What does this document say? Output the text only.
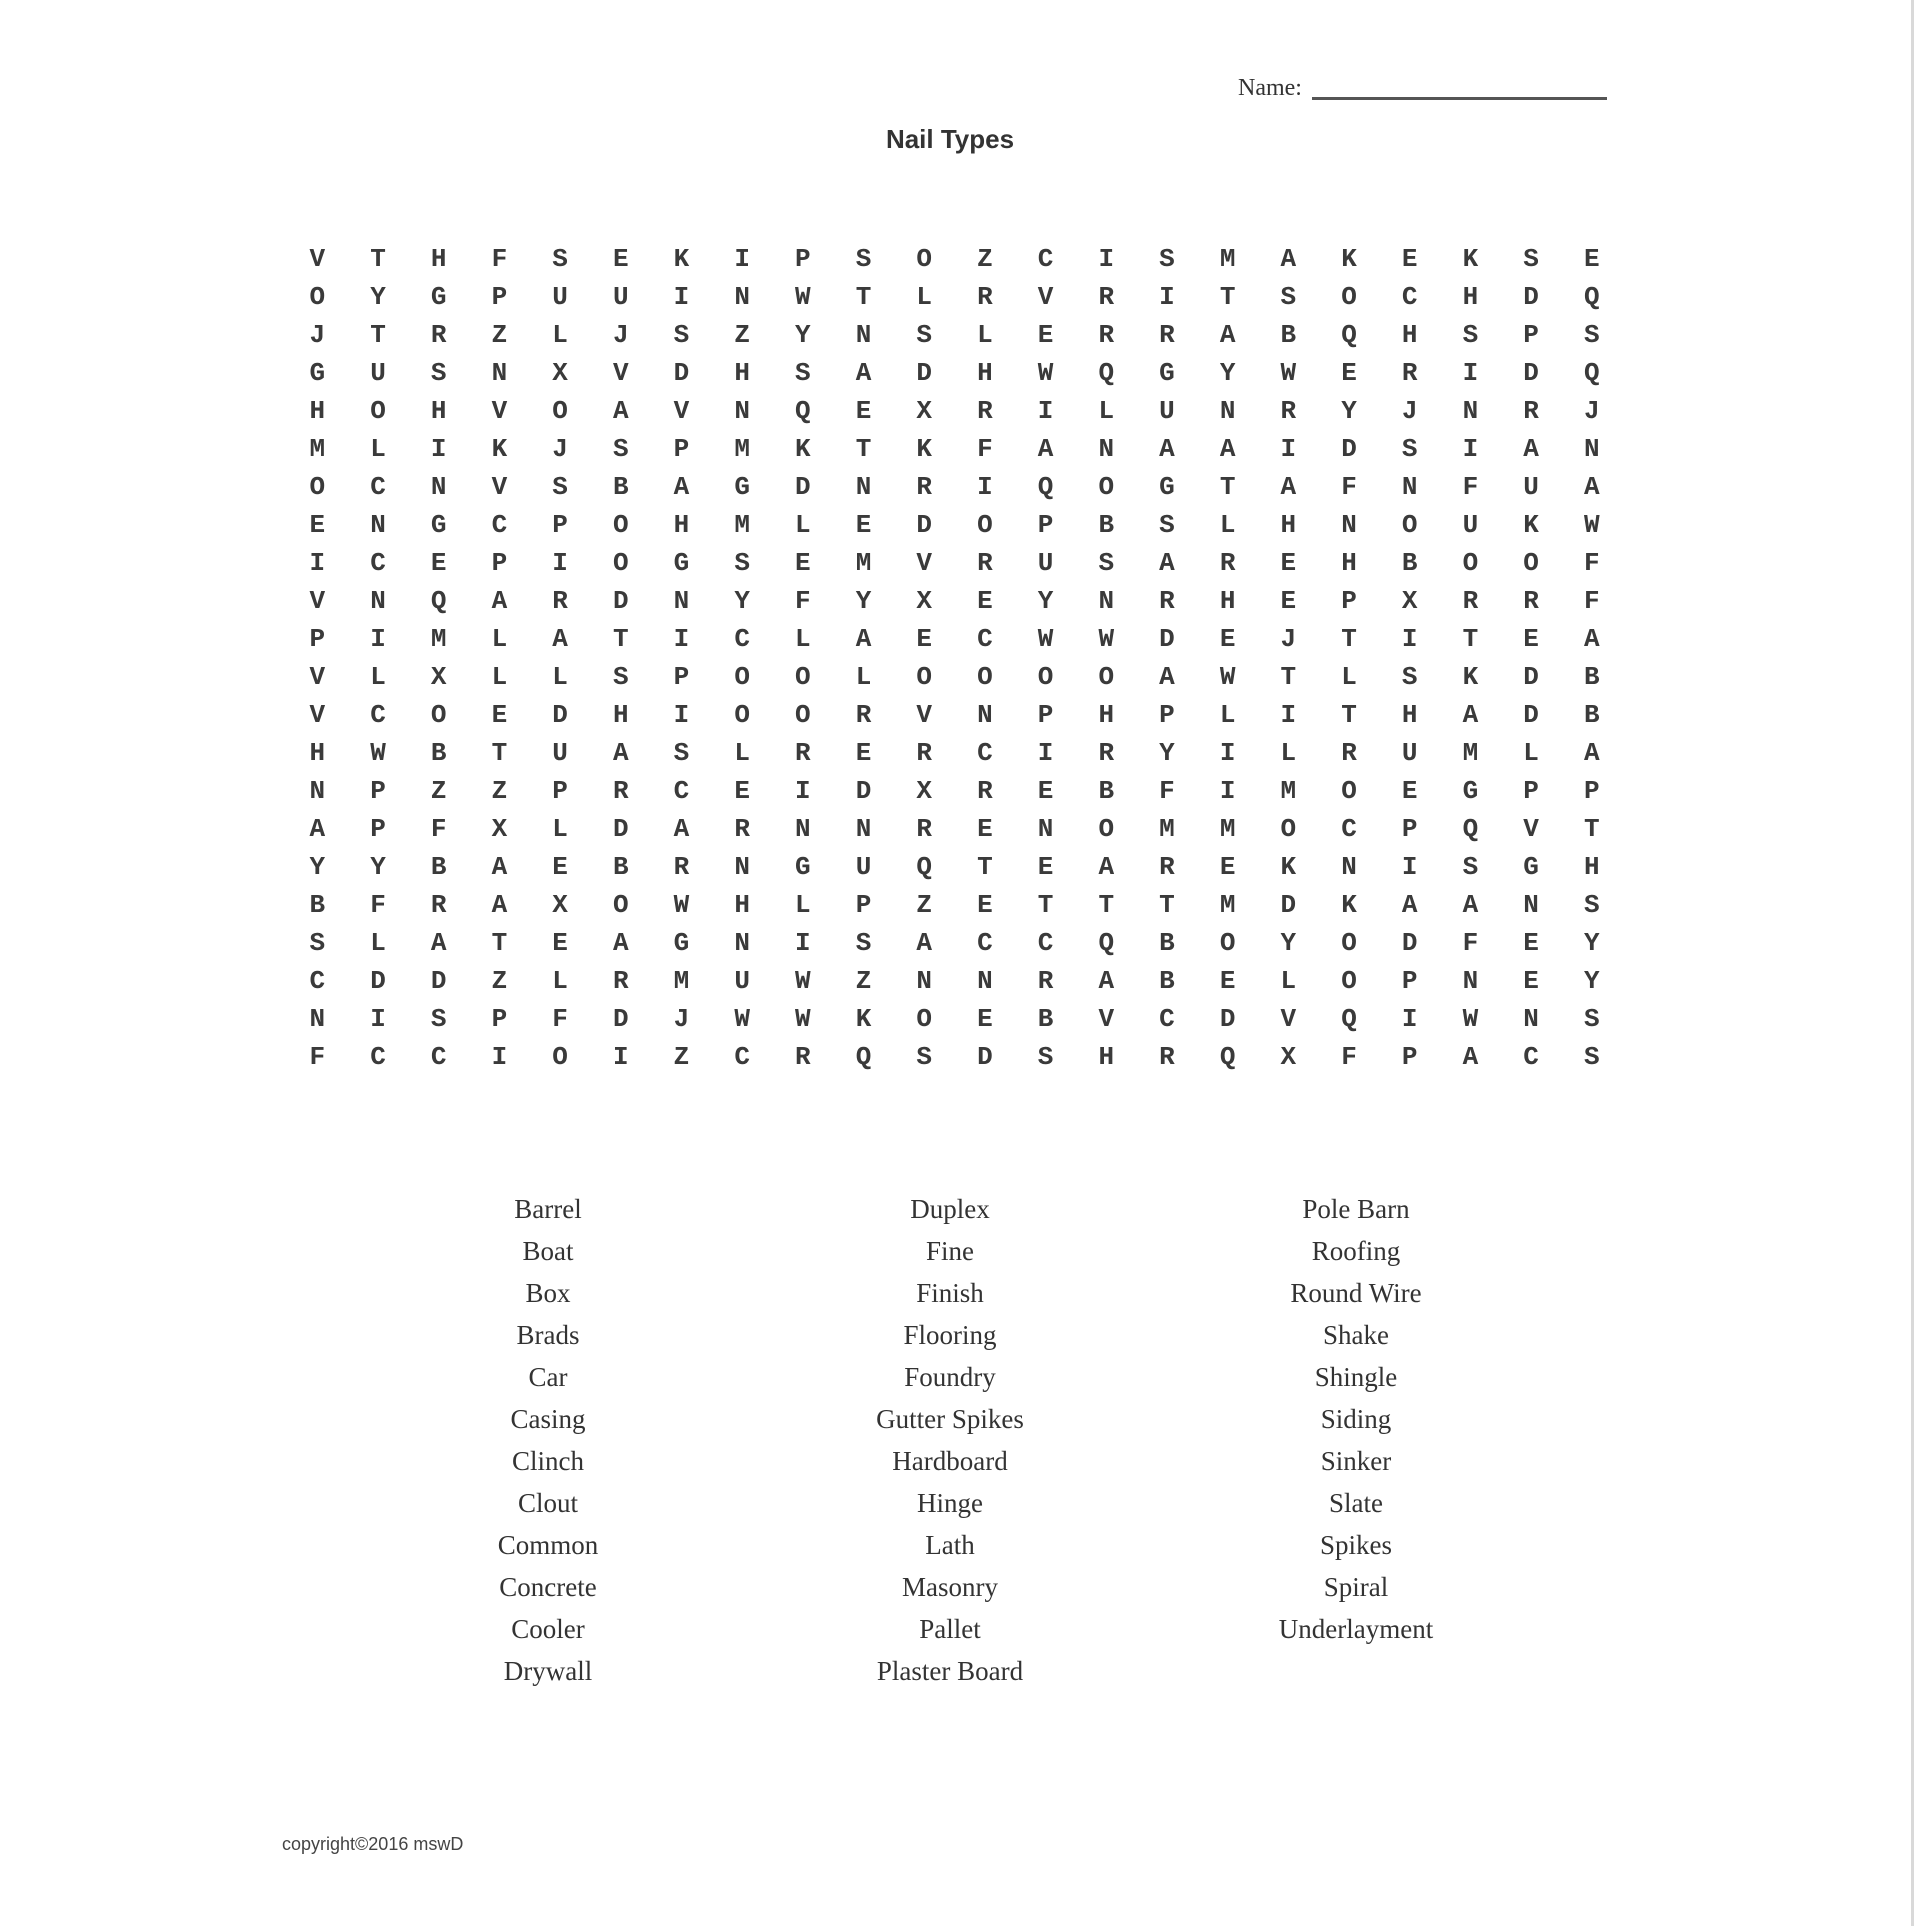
Name:
Nail Types
V	T	H	F	S	E	K	I	P	S	O	Z	C	I	S	M	A	K	E	K	S	E
O	Y	G	P	U	U	I	N	W	T	L	R	V	R	I	T	S	O	C	H	D	Q
J	T	R	Z	L	J	S	Z	Y	N	S	L	E	R	R	A	B	Q	H	S	P	S
G	U	S	N	X	V	D	H	S	A	D	H	W	Q	G	Y	W	E	R	I	D	Q
H	O	H	V	O	A	V	N	Q	E	X	R	I	L	U	N	R	Y	J	N	R	J
M	L	I	K	J	S	P	M	K	T	K	F	A	N	A	A	I	D	S	I	A	N
O	C	N	V	S	B	A	G	D	N	R	I	Q	O	G	T	A	F	N	F	U	A
E	N	G	C	P	O	H	M	L	E	D	O	P	B	S	L	H	N	O	U	K	W
I	C	E	P	I	O	G	S	E	M	V	R	U	S	A	R	E	H	B	O	O	F
V	N	Q	A	R	D	N	Y	F	Y	X	E	Y	N	R	H	E	P	X	R	R	F
P	I	M	L	A	T	I	C	L	A	E	C	W	W	D	E	J	T	I	T	E	A
V	L	X	L	L	S	P	O	O	L	O	O	O	O	A	W	T	L	S	K	D	B
V	C	O	E	D	H	I	O	O	R	V	N	P	H	P	L	I	T	H	A	D	B
H	W	B	T	U	A	S	L	R	E	R	C	I	R	Y	I	L	R	U	M	L	A
N	P	Z	Z	P	R	C	E	I	D	X	R	E	B	F	I	M	O	E	G	P	P
A	P	F	X	L	D	A	R	N	N	R	E	N	O	M	M	O	C	P	Q	V	T
Y	Y	B	A	E	B	R	N	G	U	Q	T	E	A	R	E	K	N	I	S	G	H
B	F	R	A	X	O	W	H	L	P	Z	E	T	T	T	M	D	K	A	A	N	S
S	L	A	T	E	A	G	N	I	S	A	C	C	Q	B	O	Y	O	D	F	E	Y
C	D	D	Z	L	R	M	U	W	Z	N	N	R	A	B	E	L	O	P	N	E	Y
N	I	S	P	F	D	J	W	W	K	O	E	B	V	C	D	V	Q	I	W	N	S
F	C	C	I	O	I	Z	C	R	Q	S	D	S	H	R	Q	X	F	P	A	C	S
Barrel
Boat
Box
Brads
Car
Casing
Clinch
Clout
Common
Concrete
Cooler
Drywall
Duplex
Fine
Finish
Flooring
Foundry
Gutter Spikes
Hardboard
Hinge
Lath
Masonry
Pallet
Plaster Board
Pole Barn
Roofing
Round Wire
Shake
Shingle
Siding
Sinker
Slate
Spikes
Spiral
Underlayment
copyright©2016 mswD
